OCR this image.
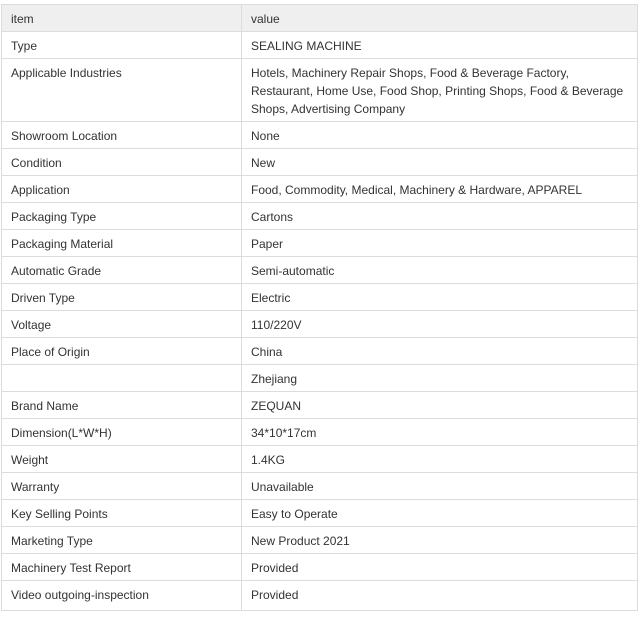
item	value
Type	SEALING MACHINE
Applicable Industries	Hotels, Machinery Repair Shops, Food & Beverage Factory, Restaurant, Home Use, Food Shop, Printing Shops, Food & Beverage Shops, Advertising Company
Showroom Location	None
Condition	New
Application	Food, Commodity, Medical, Machinery & Hardware, APPAREL
Packaging Type	Cartons
Packaging Material	Paper
Automatic Grade	Semi-automatic
Driven Type	Electric
Voltage	110/220V
Place of Origin	China
	Zhejiang
Brand Name	ZEQUAN
Dimension(L*W*H)	34*10*17cm
Weight	1.4KG
Warranty	Unavailable
Key Selling Points	Easy to Operate
Marketing Type	New Product 2021
Machinery Test Report	Provided
Video outgoing-inspection	Provided
